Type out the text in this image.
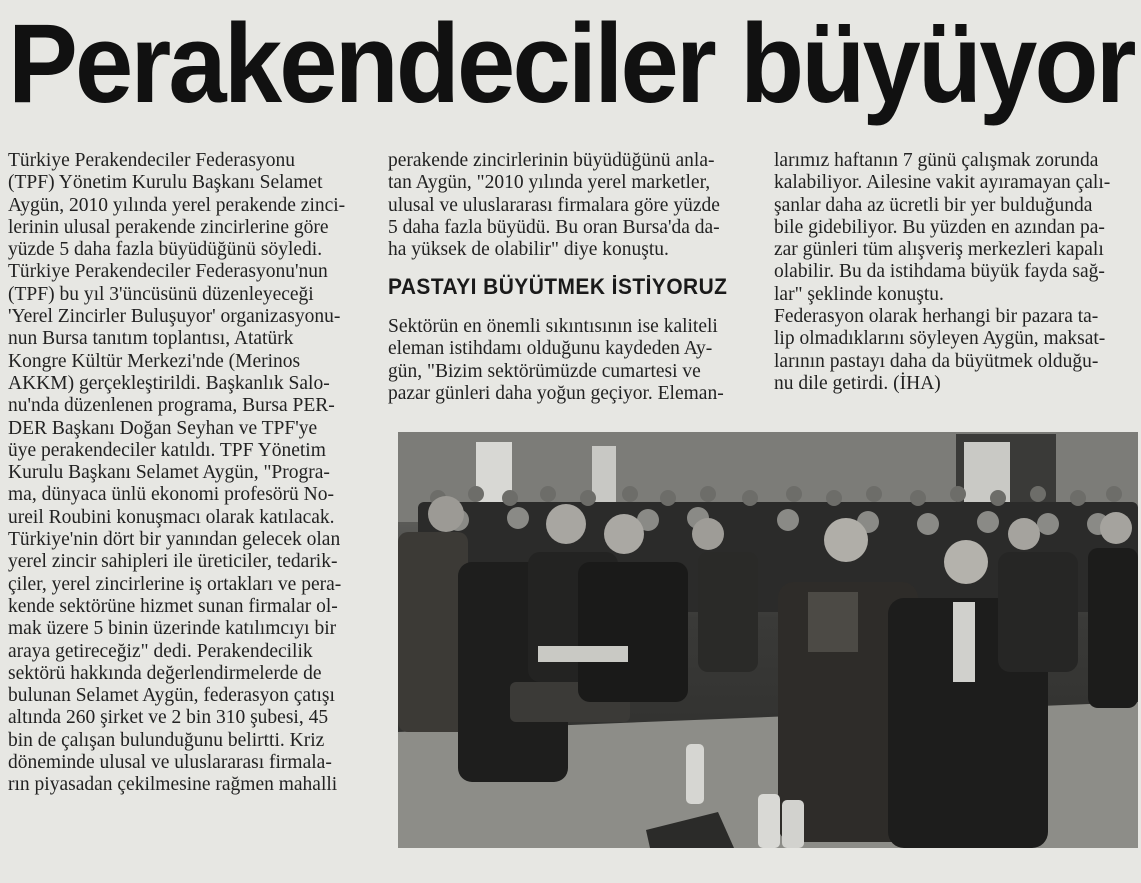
Perakendeciler büyüyor

Türkiye Perakendeciler Federasyonu

(TPF) Yönetim Kurulu Başkanı Selamet

Aygün, 2010 yılında yerel perakende zinci-

lerinin ulusal perakende zincirlerine göre

yüzde 5 daha fazla büyüdüğünü söyledi.

Türkiye Perakendeciler Federasyonu'nun

(TPF) bu yıl 3'üncüsünü düzenleyeceği

'Yerel Zincirler Buluşuyor' organizasyonu-

nun Bursa tanıtım toplantısı, Atatürk

Kongre Kültür Merkezi'nde (Merinos

AKKM) gerçekleştirildi. Başkanlık Salo-

nu'nda düzenlenen programa, Bursa PER-

DER Başkanı Doğan Seyhan ve TPF'ye

üye perakendeciler katıldı. TPF Yönetim

Kurulu Başkanı Selamet Aygün, "Progra-

ma, dünyaca ünlü ekonomi profesörü No-

ureil Roubini konuşmacı olarak katılacak.

Türkiye'nin dört bir yanından gelecek olan

yerel zincir sahipleri ile üreticiler, tedarik-

çiler, yerel zincirlerine iş ortakları ve pera-

kende sektörüne hizmet sunan firmalar ol-

mak üzere 5 binin üzerinde katılımcıyı bir

araya getireceğiz" dedi. Perakendecilik

sektörü hakkında değerlendirmelerde de

bulunan Selamet Aygün, federasyon çatışı

altında 260 şirket ve 2 bin 310 şubesi, 45

bin de çalışan bulunduğunu belirtti. Kriz

döneminde ulusal ve uluslararası firmala-

rın piyasadan çekilmesine rağmen mahalli

perakende zincirlerinin büyüdüğünü anla-

tan Aygün, "2010 yılında yerel marketler,

ulusal ve uluslararası firmalara göre yüzde

5 daha fazla büyüdü. Bu oran Bursa'da da-

ha yüksek de olabilir" diye konuştu.

PASTAYI BÜYÜTMEK İSTİYORUZ

Sektörün en önemli sıkıntısının ise kaliteli

eleman istihdamı olduğunu kaydeden Ay-

gün, "Bizim sektörümüzde cumartesi ve

pazar günleri daha yoğun geçiyor. Eleman-

larımız haftanın 7 günü çalışmak zorunda

kalabiliyor. Ailesine vakit ayıramayan çalı-

şanlar daha az ücretli bir yer bulduğunda

bile gidebiliyor. Bu yüzden en azından pa-

zar günleri tüm alışveriş merkezleri kapalı

olabilir. Bu da istihdama büyük fayda sağ-

lar" şeklinde konuştu.

Federasyon olarak herhangi bir pazara ta-

lip olmadıklarını söyleyen Aygün, maksat-

larının pastayı daha da büyütmek olduğu-

nu dile getirdi. (İHA)
